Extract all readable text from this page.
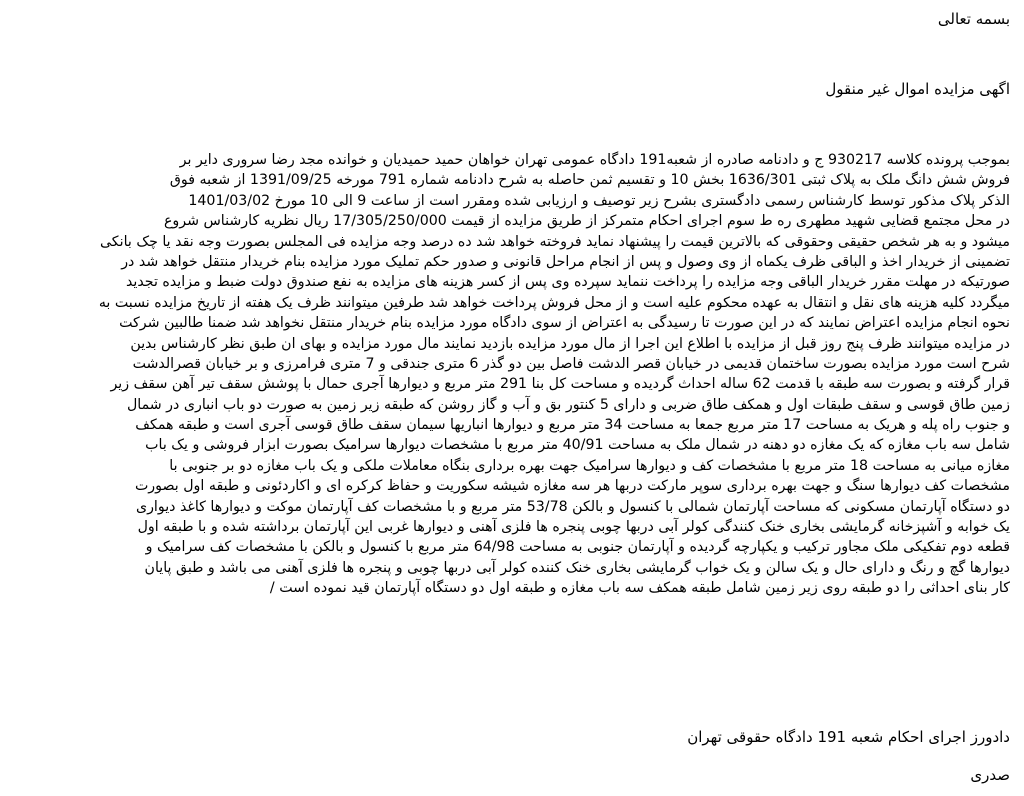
بسمه تعالی
اگهی مزایده اموال غیر منقول
بموجب پرونده کلاسه 930217 ج و دادنامه صادره از شعبه191 دادگاه عمومی تهران خواهان حمید حمیدیان و خوانده مجد رضا سروری دایر بر
فروش شش دانگ ملک به پلاک ثبتی 1636/301 بخش 10 و تقسیم ثمن حاصله به شرح دادنامه شماره 791 مورخه 1391/09/25 از شعبه فوق
الذکر پلاک مذکور توسط کارشناس رسمی دادگستری بشرح زیر توصیف و ارزیابی شده ومقرر است از ساعت 9 الی 10 مورخ 1401/03/02
در محل مجتمع قضایی شهید مطهری ره ط سوم اجرای احکام متمرکز از طریق مزایده از قیمت 17/305/250/000 ریال نظریه کارشناس شروع
میشود و به هر شخص حقیقی وحقوقی که بالاترین قیمت را پیشنهاد نماید فروخته خواهد شد ده درصد وجه مزایده فی المجلس بصورت وجه نقد یا چک بانکی
تضمینی از خریدار اخذ و الباقی ظرف یکماه از وی وصول و پس از انجام مراحل قانونی و صدور حکم تملیک مورد مزایده بنام خریدار منتقل خواهد شد در
صورتیکه در مهلت مقرر خریدار الباقی وجه مزایده را پرداخت ننماید سپرده وی پس از کسر هزینه های مزایده به نفع صندوق دولت ضبط و مزایده تجدید
میگردد کلیه هزینه های نقل و انتقال به عهده محکوم علیه است و از محل فروش پرداخت خواهد شد طرفین میتوانند ظرف یک هفته از تاریخ مزایده نسبت به
نحوه انجام مزایده اعتراض نمایند که در این صورت تا رسیدگی به اعتراض از سوی دادگاه مورد مزایده بنام خریدار منتقل نخواهد شد ضمنا طالبین شرکت
در مزایده میتوانند ظرف پنج روز قبل از مزایده با اطلاع این اجرا از مال مورد مزایده بازدید نمایند مال مورد مزایده و بهای ان طبق نظر کارشناس بدین
شرح است مورد مزایده بصورت ساختمان قدیمی در خیابان قصر الدشت فاصل بین دو گذر 6 متری جندقی و 7 متری فرامرزی و بر خیابان قصرالدشت
قرار گرفته و بصورت سه طبقه با قدمت 62 ساله احداث گردیده و مساحت کل بنا 291 متر مربع و دیوارها آجری حمال با پوشش سقف تیر آهن سقف زیر
زمین طاق قوسی و سقف طبقات اول و همکف طاق ضربی و دارای 5 کنتور بق و آب و گاز روشن که طبقه زیر زمین به صورت دو باب انباری در شمال
و جنوب راه پله و هریک به مساحت 17 متر مربع جمعا به مساحت 34 متر مربع و دیوارها انباریها سیمان سقف طاق قوسی آجری است و طبقه همکف
شامل سه باب مغازه که یک مغازه دو دهنه در شمال ملک به مساحت 40/91 متر مربع با مشخصات دیوارها سرامیک بصورت ابزار فروشی و یک باب
مغازه میانی به مساحت 18 متر مربع با مشخصات کف و دیوارها سرامیک جهت بهره برداری بنگاه معاملات ملکی و یک باب مغازه دو بر جنوبی با
مشخصات کف دیوارها سنگ و جهت بهره برداری سوپر مارکت دربها هر سه مغازه شیشه سکوریت و حفاظ کرکره ای و اکاردئونی و طبقه اول بصورت
دو دستگاه آپارتمان مسکونی که مساحت آپارتمان شمالی با کنسول و بالکن 53/78 متر مربع و با مشخصات کف آپارتمان موکت و دیوارها کاغذ دیواری
یک خوابه و آشپزخانه گرمایشی بخاری خنک کنندگی کولر آبی دربها چوبی پنجره ها فلزی آهنی و دیوارها غربی این آپارتمان برداشته شده و با طبقه اول
قطعه دوم تفکیکی ملک مجاور ترکیب و یکپارچه گردیده و آپارتمان جنوبی به مساحت 64/98 متر مربع با کنسول و بالکن با مشخصات کف سرامیک و
دیوارها گچ و رنگ و دارای حال و یک سالن و یک خواب گرمایشی بخاری خنک کننده کولر آبی دربها چوبی و پنجره ها فلزی آهنی می باشد و طبق پایان
کار بنای احداثی را دو طبقه روی زیر زمین شامل طبقه همکف سه باب مغازه و طبقه اول دو دستگاه آپارتمان قید نموده است /
دادورز اجرای احکام شعبه 191 دادگاه حقوقی تهران
صدری
